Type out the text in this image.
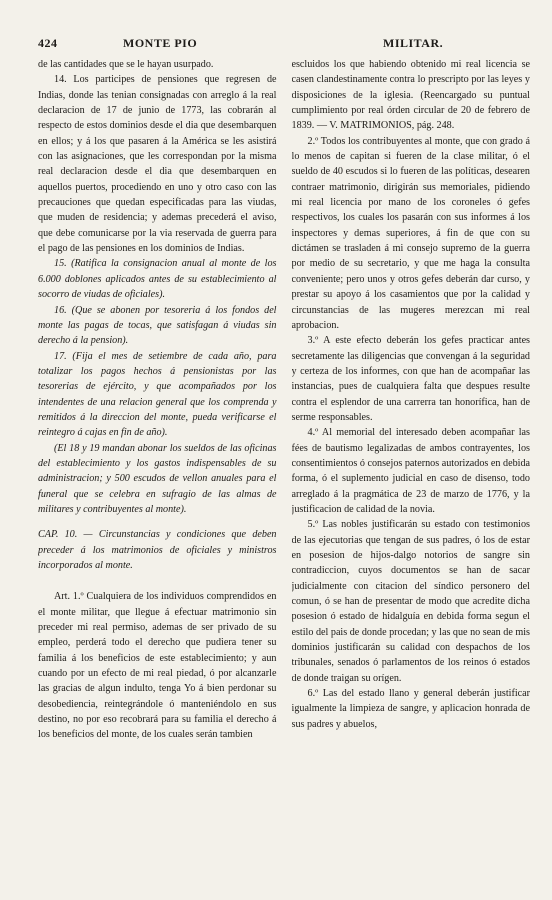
424	MONTE PIO	MILITAR.

de las cantidades que se le hayan usurpado.

14. Los participes de pensiones que regresen de Indias, donde las tenian consignadas con arreglo á la real declaracion de 17 de junio de 1773, las cobrarán al respecto de estos dominios desde el dia que desembarquen en ellos; y á los que pasaren á la América se les asistirá con las asignaciones, que les correspondan por la misma real declaracion desde el dia que desembarquen en aquellos puertos, procediendo en uno y otro caso con las precauciones que quedan especificadas para las viudas, que muden de residencia; y ademas precederá el aviso, que debe comunicarse por la via reservada de guerra para el pago de las pensiones en los dominios de Indias.

15. (Ratifica la consignacion anual al monte de los 6.000 doblones aplicados antes de su establecimiento al socorro de viudas de oficiales).

16. (Que se abonen por tesoreria á los fondos del monte las pagas de tocas, que satisfagan á viudas sin derecho á la pension).

17. (Fija el mes de setiembre de cada año, para totalizar los pagos hechos á pensionistas por las tesorerias de ejército, y que acompañados por los intendentes de una relacion general que los comprenda y remitidos á la direccion del monte, pueda verificarse el reintegro á cajas en fin de año).

(El 18 y 19 mandan abonar los sueldos de las oficinas del establecimiento y los gastos indispensables de su administracion; y 500 escudos de vellon anuales para el funeral que se celebra en sufragio de las almas de militares y contribuyentes al monte).

CAP. 10. — Circunstancias y condiciones que deben preceder á los matrimonios de oficiales y ministros incorporados al monte.

Art. 1.º Cualquiera de los individuos comprendidos en el monte militar, que llegue á efectuar matrimonio sin preceder mi real permiso, ademas de ser privado de su empleo, perderá todo el derecho que pudiera tener su familia á los beneficios de este establecimiento; y aun cuando por un efecto de mi real piedad, ó por alcanzarle las gracias de algun indulto, tenga Yo á bien perdonar su desobediencia, reintegrándole ó manteniéndolo en sus destino, no por eso recobrará para su familia el derecho á los beneficios del monte, de los cuales serán tambien

escluidos los que habiendo obtenido mi real licencia se casen clandestinamente contra lo prescripto por las leyes y disposiciones de la iglesia. (Reencargado su puntual cumplimiento por real órden circular de 20 de febrero de 1839. — V. MATRIMONIOS, pág. 248.

2.º Todos los contribuyentes al monte, que con grado á lo menos de capitan si fueren de la clase militar, ó el sueldo de 40 escudos si lo fueren de las políticas, desearen contraer matrimonio, dirigirán sus memoriales, pidiendo mi real licencia por mano de los coroneles ó gefes respectivos, los cuales los pasarán con sus informes á los inspectores y demas superiores, á fin de que con su dictámen se trasladen á mi consejo supremo de la guerra por medio de su secretario, y que me haga la consulta conveniente; pero unos y otros gefes deberán dar curso, y prestar su apoyo á los casamientos que por la calidad y circunstancias de las mugeres merezcan mi real aprobacion.

3.º A este efecto deberán los gefes practicar antes secretamente las diligencias que convengan á la seguridad y certeza de los informes, con que han de acompañar las instancias, pues de cualquiera falta que despues resulte contra el esplendor de una carrerra tan honorífica, han de serme responsables.

4.º Al memorial del interesado deben acompañar las fées de bautismo legalizadas de ambos contrayentes, los consentimientos ó consejos paternos autorizados en debida forma, ó el suplemento judicial en caso de disenso, todo arreglado á la pragmática de 23 de marzo de 1776, y la justificacion de calidad de la novia.

5.º Las nobles justificarán su estado con testimonios de las ejecutorias que tengan de sus padres, ó los de estar en posesion de hijos-dalgo notorios de sangre sin contradiccion, cuyos documentos se han de sacar judicialmente con citacion del síndico personero del comun, ó se han de presentar de modo que acredite dicha posesion ó estado de hidalguía en debida forma segun el estilo del pais de donde procedan; y las que no sean de mis dominios justificarán su calidad con despachos de los tribunales, senados ó parlamentos de los reinos ó estados de donde traigan su orígen.

6.º Las del estado llano y general deberán justificar igualmente la limpieza de sangre, y aplicacion honrada de sus padres y abuelos,
